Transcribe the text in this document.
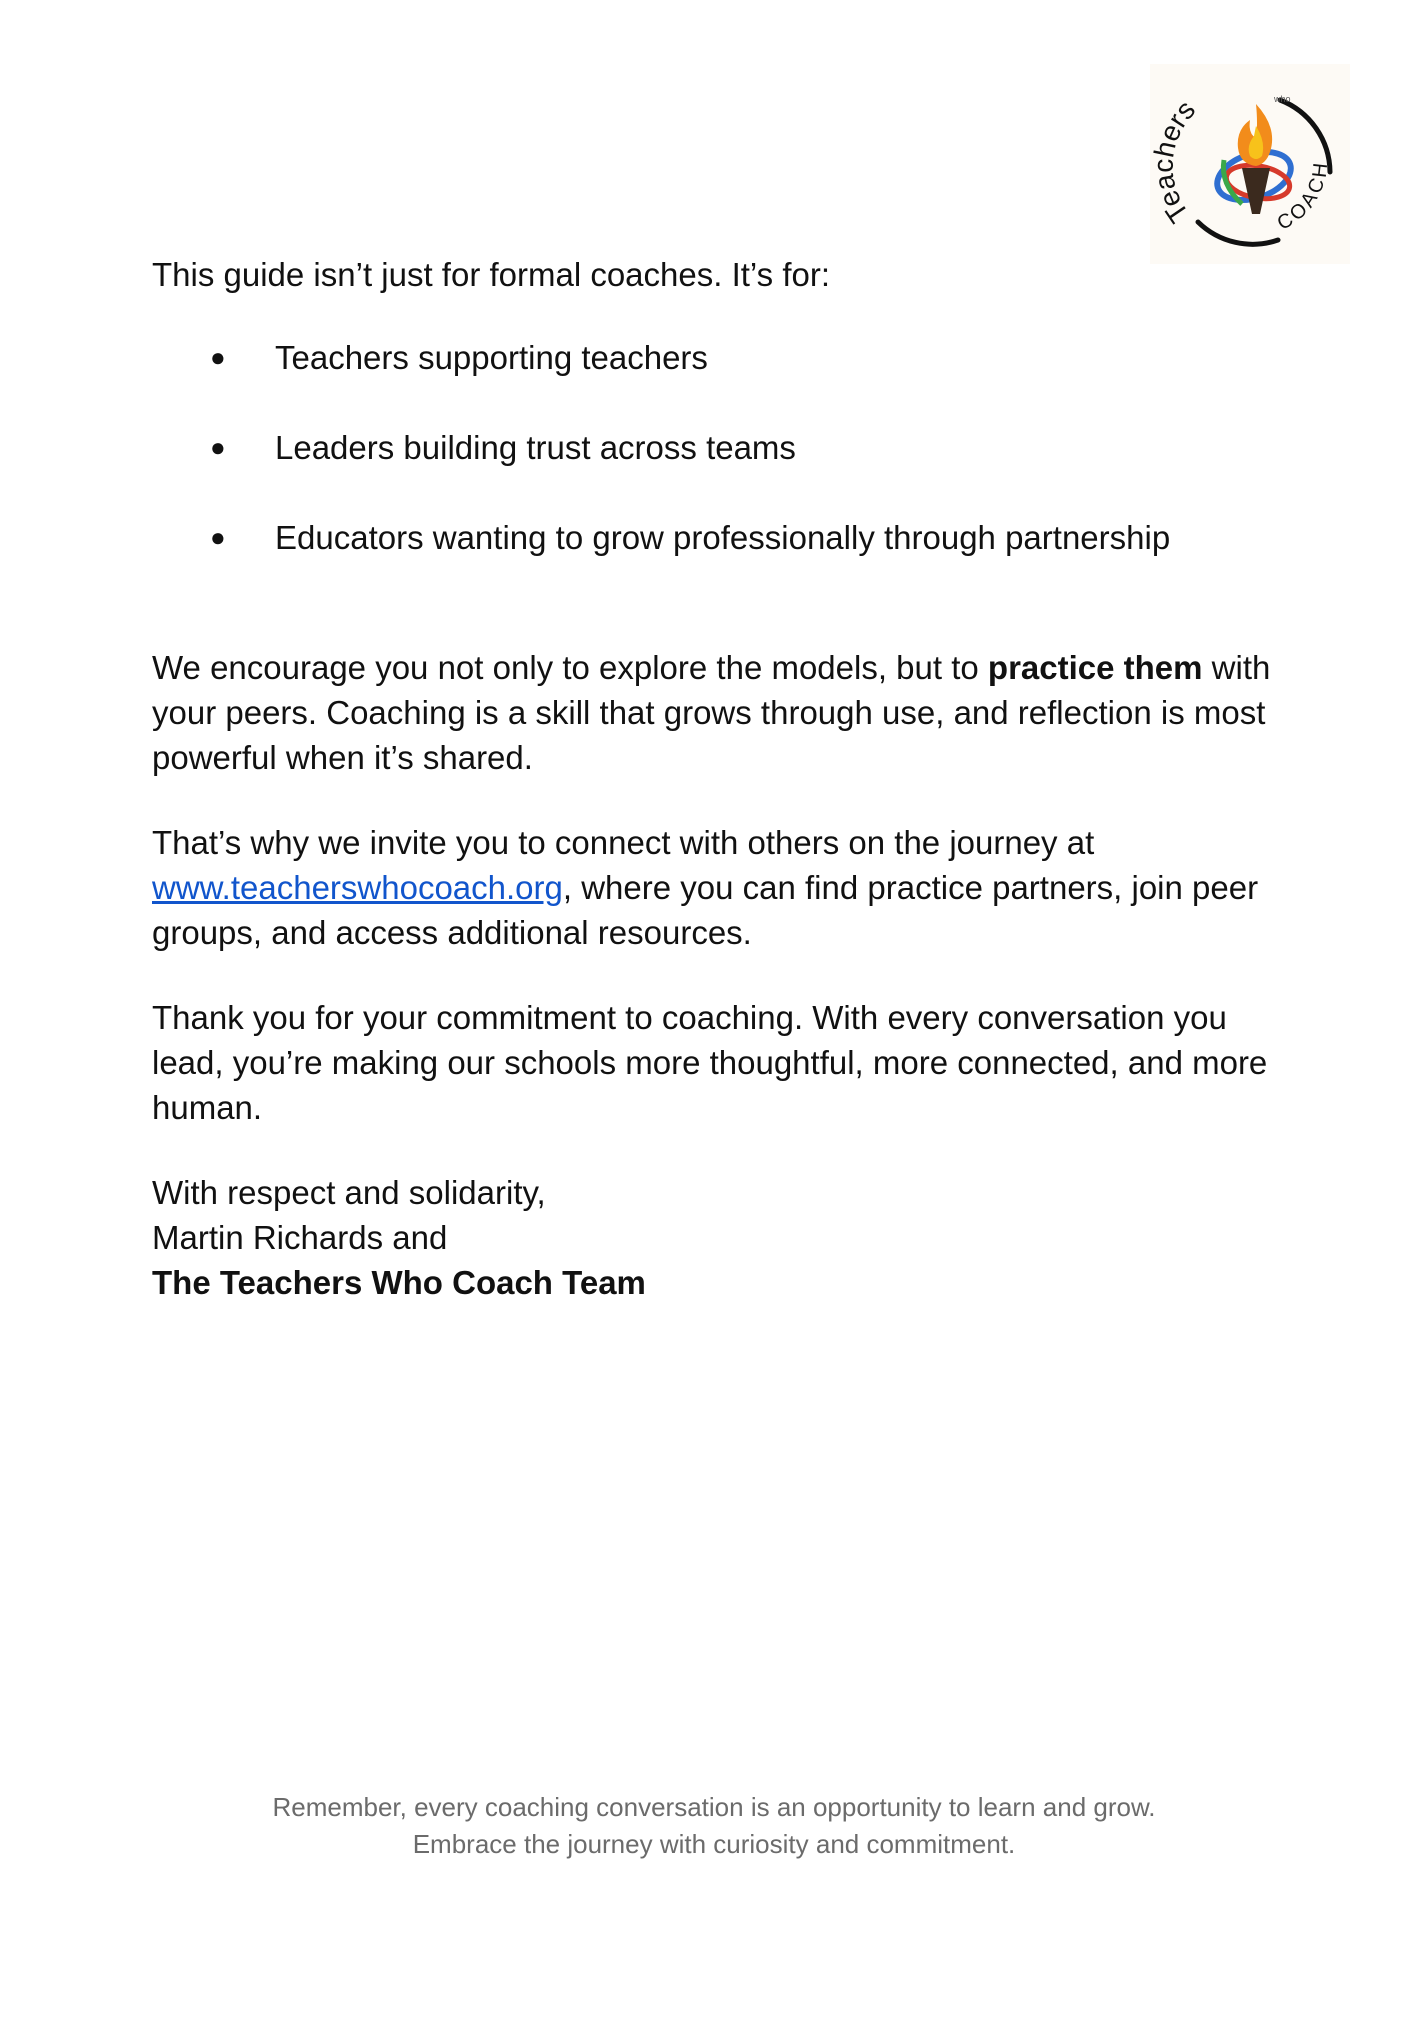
Teachers	who
COACH

This guide isn’t just for formal coaches. It’s for:

● Teachers supporting teachers
● Leaders building trust across teams
● Educators wanting to grow professionally through partnership

We encourage you not only to explore the models, but to practice them with your peers. Coaching is a skill that grows through use, and reflection is most powerful when it’s shared.

That’s why we invite you to connect with others on the journey at www.teacherswhocoach.org, where you can find practice partners, join peer groups, and access additional resources.

Thank you for your commitment to coaching. With every conversation you lead, you’re making our schools more thoughtful, more connected, and more human.

With respect and solidarity,
Martin Richards and
The Teachers Who Coach Team
Remember, every coaching conversation is an opportunity to learn and grow.
Embrace the journey with curiosity and commitment.
